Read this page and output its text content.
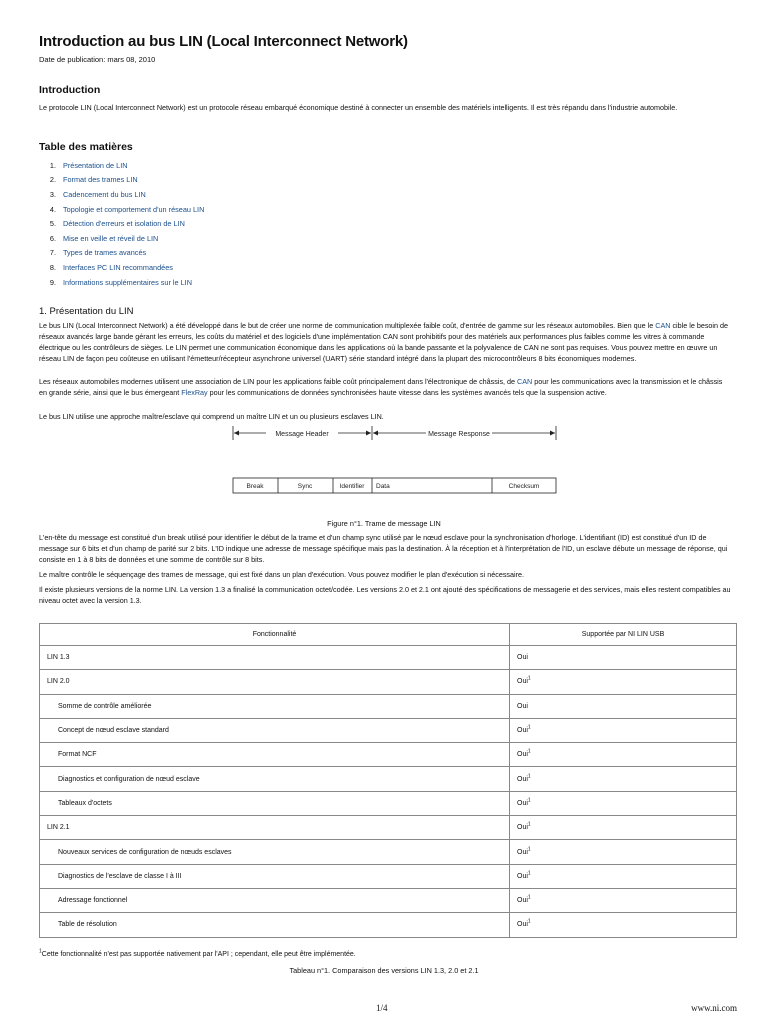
Introduction au bus LIN (Local Interconnect Network)
Date de publication: mars 08, 2010
Introduction
Le protocole LIN (Local Interconnect Network) est un protocole réseau embarqué économique destiné à connecter un ensemble des matériels intelligents. Il est très répandu dans l'industrie automobile.
Table des matières
1. Présentation de LIN
2. Format des trames LIN
3. Cadencement du bus LIN
4. Topologie et comportement d'un réseau LIN
5. Détection d'erreurs et isolation de LIN
6. Mise en veille et réveil de LIN
7. Types de trames avancés
8. Interfaces PC LIN recommandées
9. Informations supplémentaires sur le LIN
1. Présentation du LIN
Le bus LIN (Local Interconnect Network) a été développé dans le but de créer une norme de communication multiplexée faible coût, d'entrée de gamme sur les réseaux automobiles. Bien que le CAN cible le besoin de réseaux avancés large bande gérant les erreurs, les coûts du matériel et des logiciels d'une implémentation CAN sont prohibitifs pour des matériels aux performances plus faibles comme les vitres à commande électrique ou les contrôleurs de sièges. Le LIN permet une communication économique dans les applications où la bande passante et la polyvalence de CAN ne sont pas requises. Vous pouvez mettre en œuvre un réseau LIN de façon peu coûteuse en utilisant l'émetteur/récepteur asynchrone universel (UART) série standard intégré dans la plupart des microcontrôleurs 8 bits économiques modernes.
Les réseaux automobiles modernes utilisent une association de LIN pour les applications faible coût principalement dans l'électronique de châssis, de CAN pour les communications avec la transmission et le châssis en grande série, ainsi que le bus émergeant FlexRay pour les communications de données synchronisées haute vitesse dans les systèmes avancés tels que la suspension active.
Le bus LIN utilise une approche maître/esclave qui comprend un maître LIN et un ou plusieurs esclaves LIN.
Message Header	Message Response
Break	Sync	Identifier Data	Checksum
Figure n°1. Trame de message LIN
L'en-tête du message est constitué d'un break utilisé pour identifier le début de la trame et d'un champ sync utilisé par le nœud esclave pour la synchronisation d'horloge. L'identifiant (ID) est constitué d'un ID de message sur 6 bits et d'un champ de parité sur 2 bits. L'ID indique une adresse de message spécifique mais pas la destination. À la réception et à l'interprétation de l'ID, un esclave débute un message de réponse, qui consiste en 1 à 8 bits de données et une somme de contrôle sur 8 bits.
Le maître contrôle le séquençage des trames de message, qui est fixé dans un plan d'exécution. Vous pouvez modifier le plan d'exécution si nécessaire.
Il existe plusieurs versions de la norme LIN. La version 1.3 a finalisé la communication octet/codée. Les versions 2.0 et 2.1 ont ajouté des spécifications de messagerie et des services, mais elles restent compatibles au niveau octet avec la version 1.3.
Fonctionnalité	Supportée par NI LIN USB
LIN 1.3	Oui
LIN 2.0	Oui$^1$
Somme de contrôle améliorée	Oui
Concept de nœud esclave standard	Oui$^1$
Format NCF	Oui$^1$
Diagnostics et configuration de nœud esclave	Oui$^1$
Tableaux d'octets	Oui$^1$
LIN 2.1	Oui$^1$
Nouveaux services de configuration de nœuds esclaves	Oui$^1$
Diagnostics de l'esclave de classe I à III	Oui$^1$
Adressage fonctionnel	Oui$^1$
Table de résolution	Oui$^1$
$^1$Cette fonctionnalité n'est pas supportée nativement par l'API ; cependant, elle peut être implémentée.
Tableau n°1. Comparaison des versions LIN 1.3, 2.0 et 2.1
1/4	www.ni.com
